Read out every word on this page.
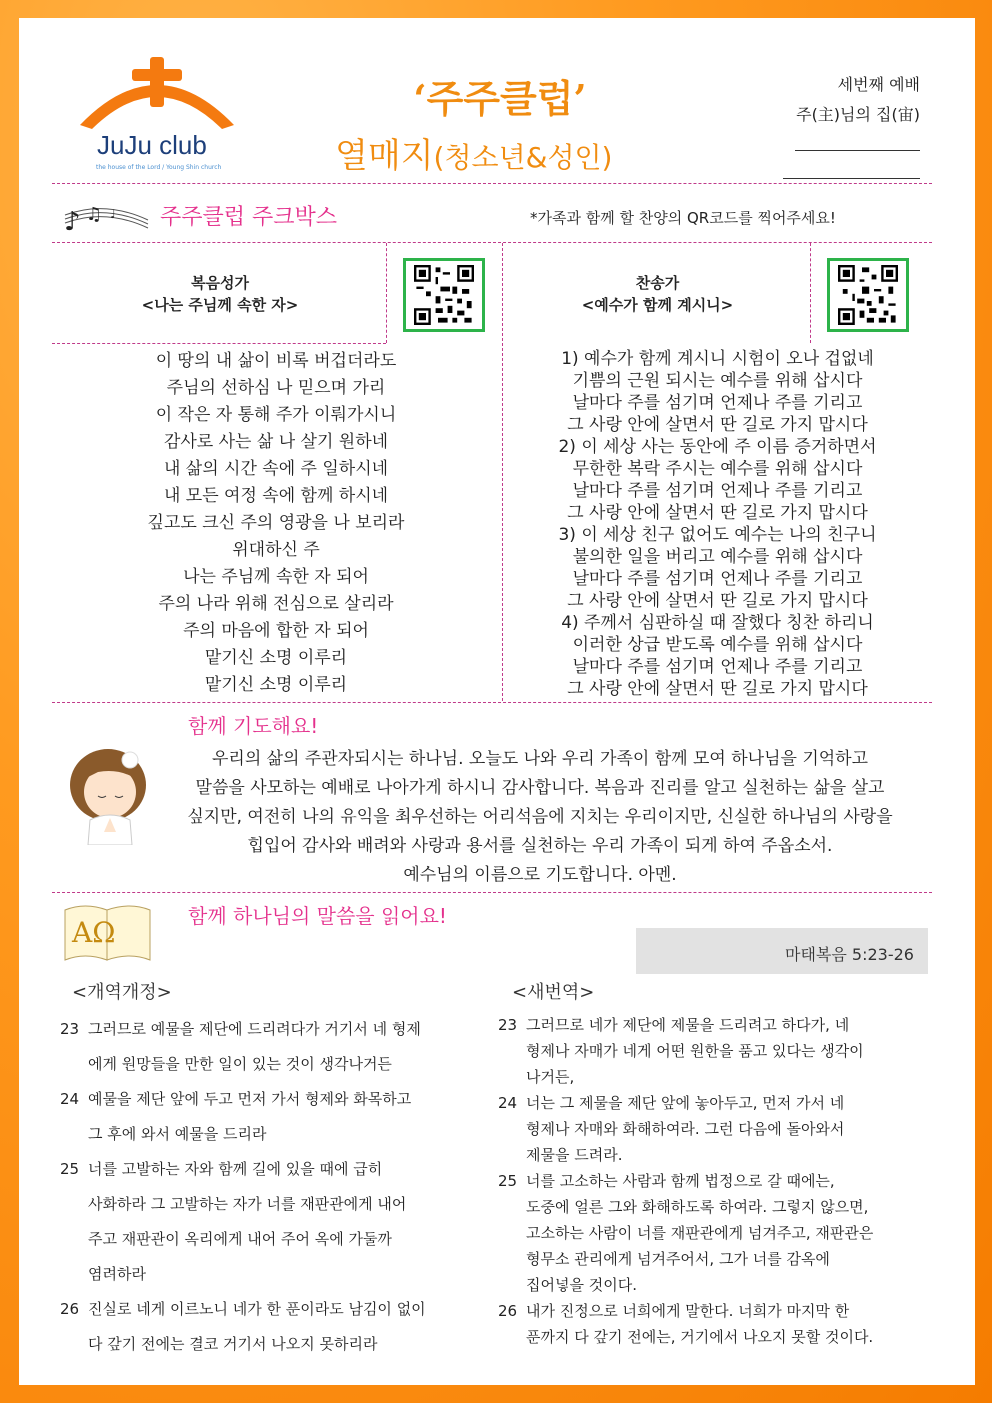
JuJu club
the house of the Lord / Young Shin church
‘주주클럽’
열매지(청소년&성인)
세번째 예배
주(主)님의 집(宙)
♪ ♫ ♩ 주주클럽 주크박스	*가족과 함께 할 찬양의 QR코드를 찍어주세요!
복음성가
<나는 주님께 속한 자>
이 땅의 내 삶이 비록 버겁더라도
주님의 선하심 나 믿으며 가리
이 작은 자 통해 주가 이뤄가시니
감사로 사는 삶 나 살기 원하네
내 삶의 시간 속에 주 일하시네
내 모든 여정 속에 함께 하시네
깊고도 크신 주의 영광을 나 보리라
위대하신 주
나는 주님께 속한 자 되어
주의 나라 위해 전심으로 살리라
주의 마음에 합한 자 되어
맡기신 소명 이루리
맡기신 소명 이루리
찬송가
<예수가 함께 계시니>
1) 예수가 함께 계시니 시험이 오나 겁없네
기쁨의 근원 되시는 예수를 위해 삽시다
날마다 주를 섬기며 언제나 주를 기리고
그 사랑 안에 살면서 딴 길로 가지 맙시다
2) 이 세상 사는 동안에 주 이름 증거하면서
무한한 복락 주시는 예수를 위해 삽시다
날마다 주를 섬기며 언제나 주를 기리고
그 사랑 안에 살면서 딴 길로 가지 맙시다
3) 이 세상 친구 없어도 예수는 나의 친구니
불의한 일을 버리고 예수를 위해 삽시다
날마다 주를 섬기며 언제나 주를 기리고
그 사랑 안에 살면서 딴 길로 가지 맙시다
4) 주께서 심판하실 때 잘했다 칭찬 하리니
이러한 상급 받도록 예수를 위해 삽시다
날마다 주를 섬기며 언제나 주를 기리고
그 사랑 안에 살면서 딴 길로 가지 맙시다
함께 기도해요!
우리의 삶의 주관자되시는 하나님. 오늘도 나와 우리 가족이 함께 모여 하나님을 기억하고
말씀을 사모하는 예배로 나아가게 하시니 감사합니다. 복음과 진리를 알고 실천하는 삶을 살고
싶지만, 여전히 나의 유익을 최우선하는 어리석음에 지치는 우리이지만, 신실한 하나님의 사랑을
힙입어 감사와 배려와 사랑과 용서를 실천하는 우리 가족이 되게 하여 주옵소서.
예수님의 이름으로 기도합니다. 아멘.
AΩ	함께 하나님의 말씀을 읽어요!
마태복음 5:23-26
<개역개정>	<새번역>
23 그러므로 예물을 제단에 드리려다가 거기서 네 형제
에게 원망들을 만한 일이 있는 것이 생각나거든
24 예물을 제단 앞에 두고 먼저 가서 형제와 화목하고
그 후에 와서 예물을 드리라
25 너를 고발하는 자와 함께 길에 있을 때에 급히
사화하라 그 고발하는 자가 너를 재판관에게 내어
주고 재판관이 옥리에게 내어 주어 옥에 가둘까
염려하라
26 진실로 네게 이르노니 네가 한 푼이라도 남김이 없이
다 갚기 전에는 결코 거기서 나오지 못하리라
23 그러므로 네가 제단에 제물을 드리려고 하다가, 네
형제나 자매가 네게 어떤 원한을 품고 있다는 생각이
나거든,
24 너는 그 제물을 제단 앞에 놓아두고, 먼저 가서 네
형제나 자매와 화해하여라. 그런 다음에 돌아와서
제물을 드려라.
25 너를 고소하는 사람과 함께 법정으로 갈 때에는,
도중에 얼른 그와 화해하도록 하여라. 그렇지 않으면,
고소하는 사람이 너를 재판관에게 넘겨주고, 재판관은
형무소 관리에게 넘겨주어서, 그가 너를 감옥에
집어넣을 것이다.
26 내가 진정으로 너희에게 말한다. 너희가 마지막 한
푼까지 다 갚기 전에는, 거기에서 나오지 못할 것이다.
